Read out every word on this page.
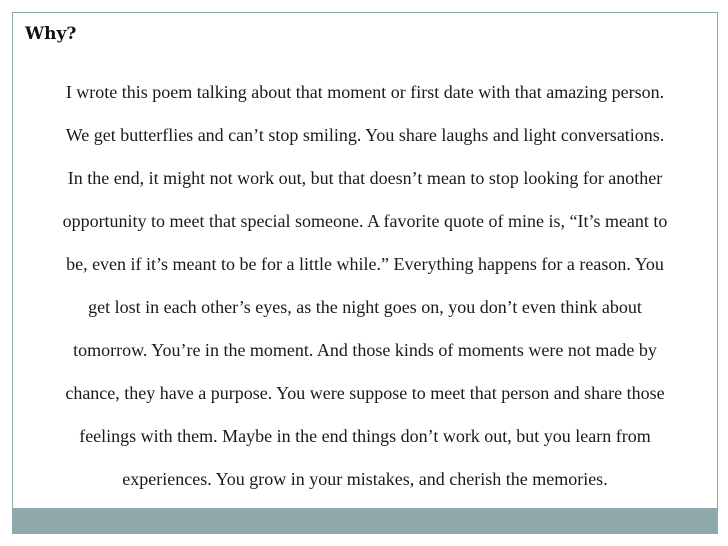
Why?
I wrote this poem talking about that moment or first date with that amazing person.
We get butterflies and can’t stop smiling. You share laughs and light conversations.
In the end, it might not work out, but that doesn’t mean to stop looking for another
opportunity to meet that special someone. A favorite quote of mine is, “It’s meant to
be, even if it’s meant to be for a little while.” Everything happens for a reason. You
get lost in each other’s eyes, as the night goes on, you don’t even think about
tomorrow. You’re in the moment. And those kinds of moments were not made by
chance, they have a purpose. You were suppose to meet that person and share those
feelings with them. Maybe in the end things don’t work out, but you learn from
experiences. You grow in your mistakes, and cherish the memories.
